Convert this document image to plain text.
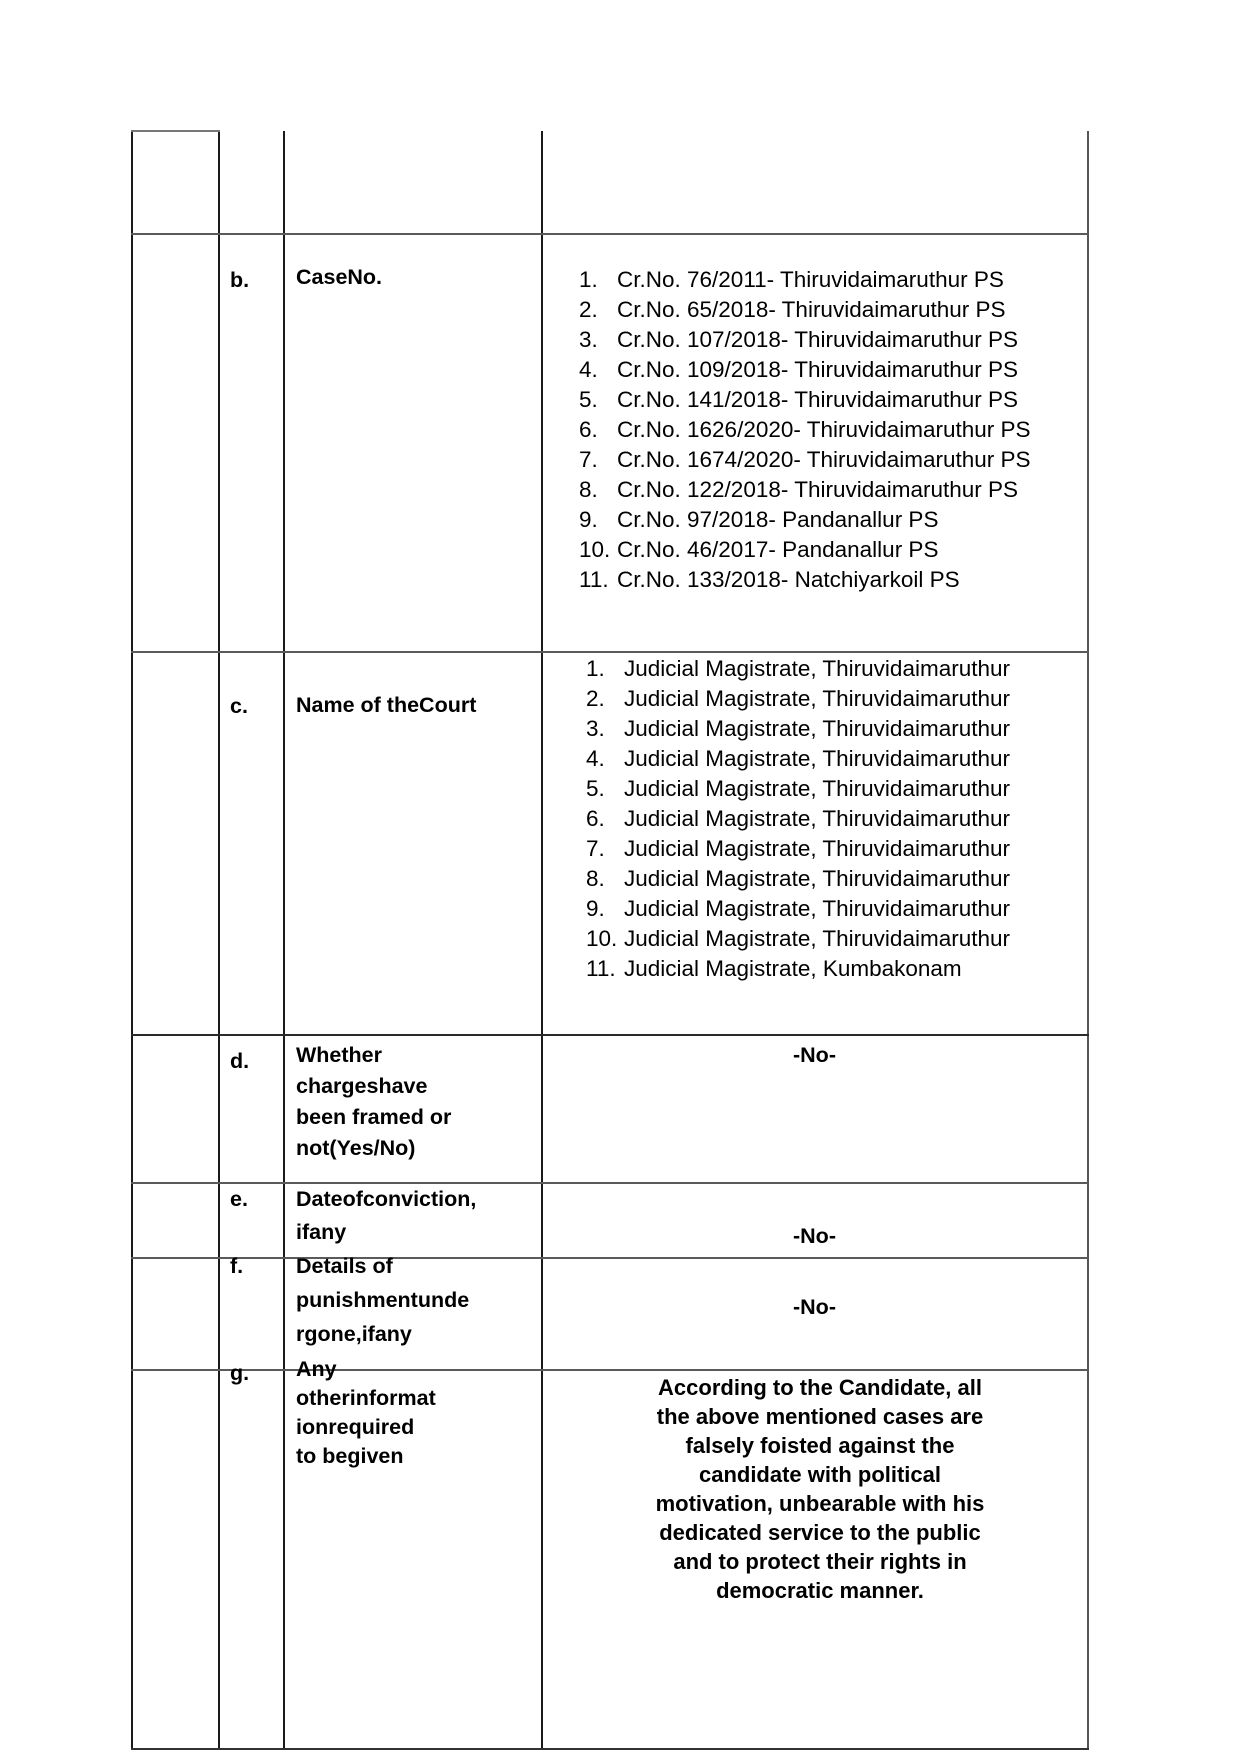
b. CaseNo.	1. Cr.No. 76/2011- Thiruvidaimaruthur PS
2. Cr.No. 65/2018- Thiruvidaimaruthur PS
3. Cr.No. 107/2018- Thiruvidaimaruthur PS
4. Cr.No. 109/2018- Thiruvidaimaruthur PS
5. Cr.No. 141/2018- Thiruvidaimaruthur PS
6. Cr.No. 1626/2020- Thiruvidaimaruthur PS
7. Cr.No. 1674/2020- Thiruvidaimaruthur PS
8. Cr.No. 122/2018- Thiruvidaimaruthur PS
9. Cr.No. 97/2018- Pandanallur PS
10. Cr.No. 46/2017- Pandanallur PS
11. Cr.No. 133/2018- Natchiyarkoil PS
c. Name of theCourt
1. Judicial Magistrate, Thiruvidaimaruthur
2. Judicial Magistrate, Thiruvidaimaruthur
3. Judicial Magistrate, Thiruvidaimaruthur
4. Judicial Magistrate, Thiruvidaimaruthur
5. Judicial Magistrate, Thiruvidaimaruthur
6. Judicial Magistrate, Thiruvidaimaruthur
7. Judicial Magistrate, Thiruvidaimaruthur
8. Judicial Magistrate, Thiruvidaimaruthur
9. Judicial Magistrate, Thiruvidaimaruthur
10. Judicial Magistrate, Thiruvidaimaruthur
11. Judicial Magistrate, Kumbakonam
d. Whether
chargeshave
been framed or
not(Yes/No)
-No-
e. Dateofconviction,
ifany	-No-
f. Details of
punishmentunde
rgone,ifany
-No-
g. Any
otherinformat
ionrequired
to begiven
According to the Candidate, all
the above mentioned cases are
falsely foisted against the
candidate with political
motivation, unbearable with his
dedicated service to the public
and to protect their rights in
democratic manner.
